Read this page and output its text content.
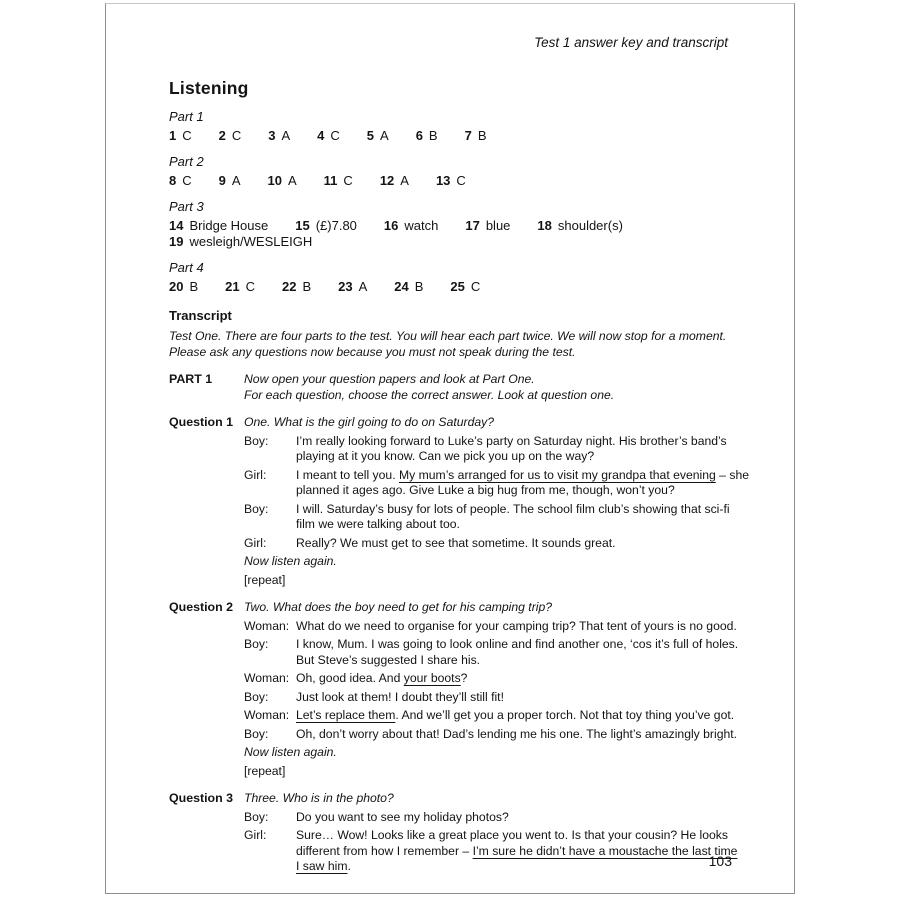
Test 1 answer key and transcript
Listening
Part 1
1 C 2 C 3 A 4 C 5 A 6 B 7 B
Part 2
8 C 9 A 10 A 11 C 12 A 13 C
Part 3
14 Bridge House 15 (£)7.80 16 watch 17 blue 18 shoulder(s)
19 wesleigh/WESLEIGH
Part 4
20 B 21 C 22 B 23 A 24 B 25 C
Transcript
Test One. There are four parts to the test. You will hear each part twice. We will now stop for a moment.
Please ask any questions now because you must not speak during the test.
PART 1	Now open your question papers and look at Part One.
For each question, choose the correct answer. Look at question one.
Question 1 One. What is the girl going to do on Saturday?
Boy:	I’m really looking forward to Luke’s party on Saturday night. His brother’s band’s
playing at it you know. Can we pick you up on the way?
Girl:	I meant to tell you. My mum’s arranged for us to visit my grandpa that evening – she
planned it ages ago. Give Luke a big hug from me, though, won’t you?
Boy:	I will. Saturday’s busy for lots of people. The school film club’s showing that sci-fi
film we were talking about too.
Girl:	Really? We must get to see that sometime. It sounds great.
Now listen again.
[repeat]
Question 2 Two. What does the boy need to get for his camping trip?
Woman: What do we need to organise for your camping trip? That tent of yours is no good.
Boy:	I know, Mum. I was going to look online and find another one, ‘cos it’s full of holes.
But Steve’s suggested I share his.
Woman: Oh, good idea. And your boots?
Boy:	Just look at them! I doubt they’ll still fit!
Woman: Let’s replace them. And we’ll get you a proper torch. Not that toy thing you’ve got.
Boy:	Oh, don’t worry about that! Dad’s lending me his one. The light’s amazingly bright.
Now listen again.
[repeat]
Question 3 Three. Who is in the photo?
Boy:	Do you want to see my holiday photos?
Girl:	Sure… Wow! Looks like a great place you went to. Is that your cousin? He looks
different from how I remember – I’m sure he didn’t have a moustache the last time
I saw him.	103
